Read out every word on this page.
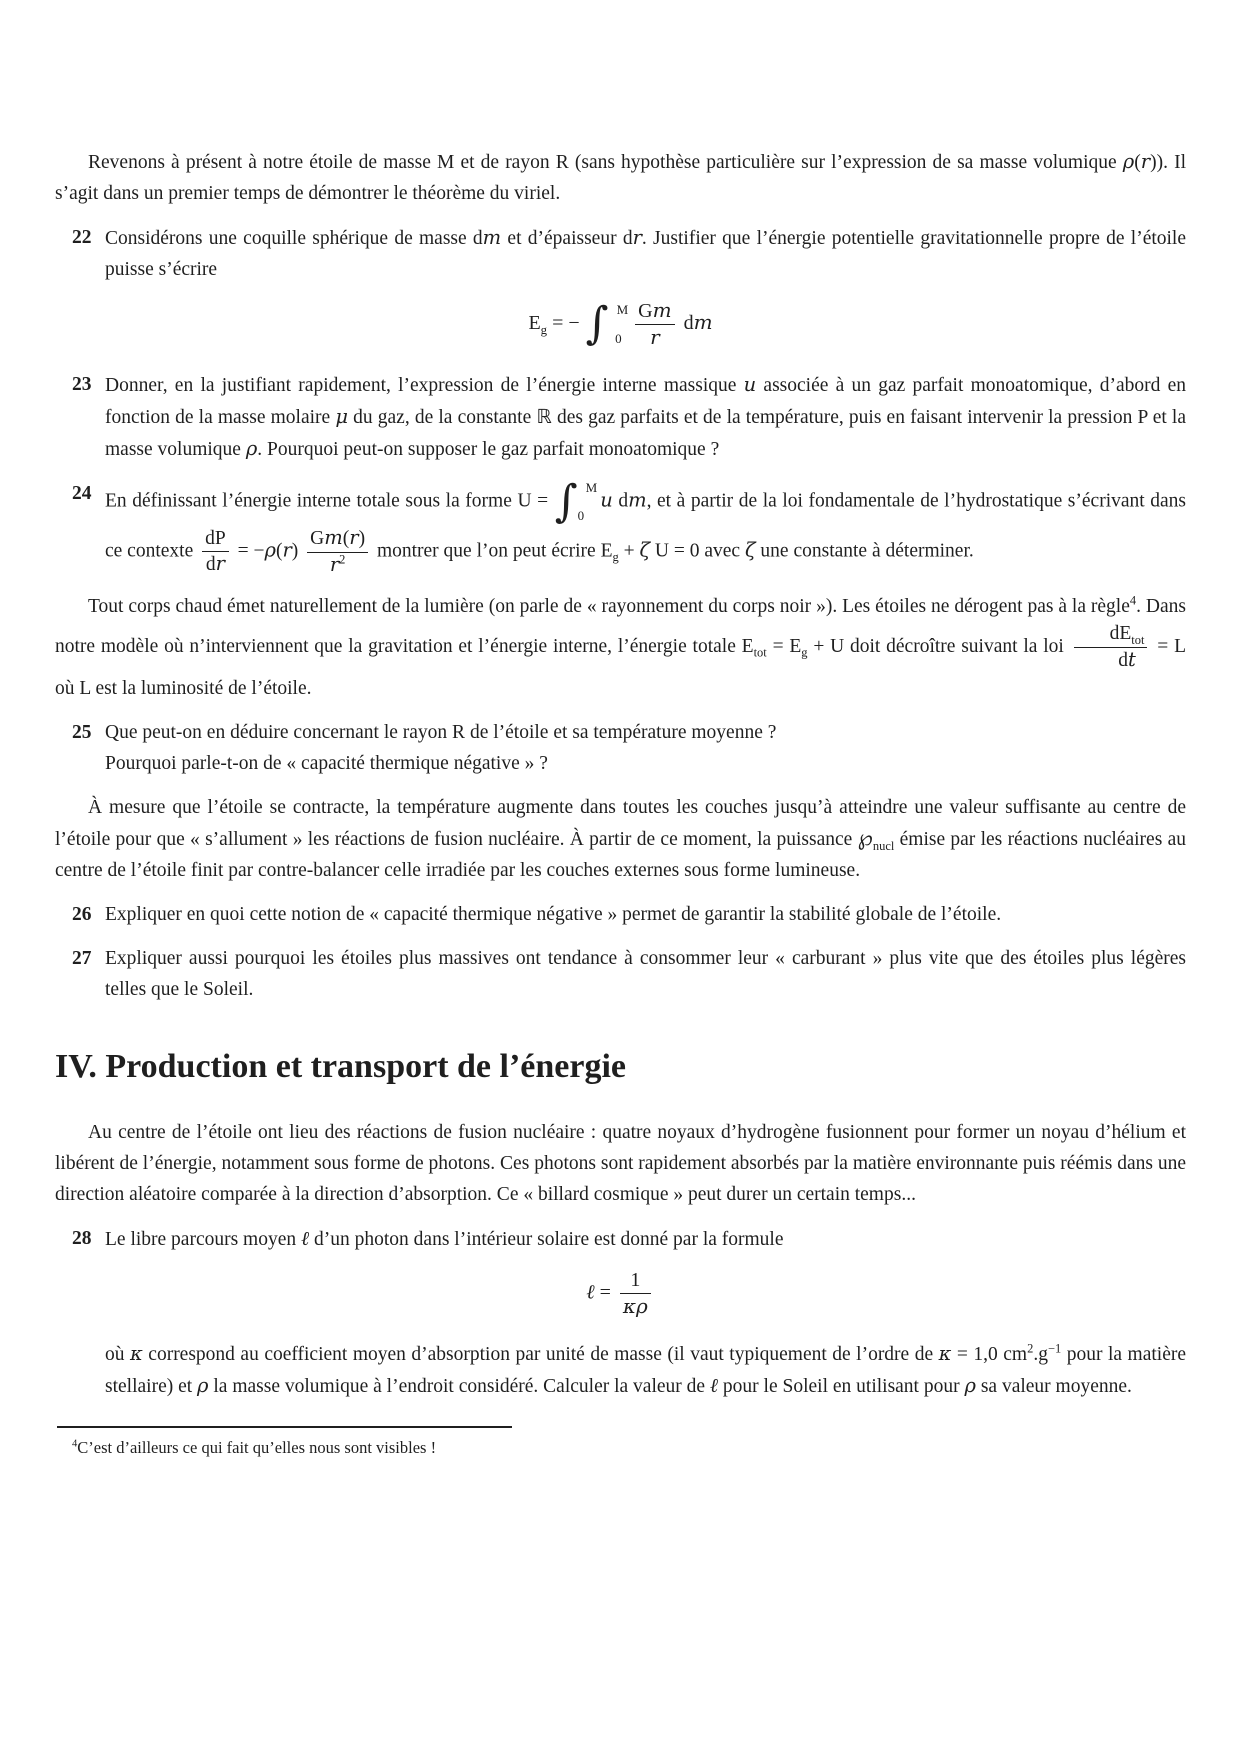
Revenons à présent à notre étoile de masse M et de rayon R (sans hypothèse particulière sur l’expression de sa masse volumique ρ(r)). Il s’agit dans un premier temps de démontrer le théorème du viriel.
22 Considérons une coquille sphérique de masse dm et d’épaisseur dr. Justifier que l’énergie potentielle gravitationnelle propre de l’étoile puisse s’écrire
$E_g$ = − ∫ M
$0 \frac{Gm}{r}$ dm
23 Donner, en la justifiant rapidement, l’expression de l’énergie interne massique u associée à un gaz parfait monoatomique, d’abord en fonction de la masse molaire μ du gaz, de la constante ℝ des gaz parfaits et de la température, puis en faisant intervenir la pression P et la masse volumique ρ. Pourquoi peut-on supposer le gaz parfait monoatomique ?
24 En définissant l’énergie interne totale sous la forme U = ∫ M
0
u dm, et à partir de la loi fondamentale de l’hydrostatique s’écrivant dans ce contexte $\frac{dP}{dr} = -\rho(r) \frac{Gm(r)}{r^2}$ montrer que l’on peut écrire $E_g + \zeta$ U = 0 avec ζ une constante à déterminer.
Tout corps chaud émet naturellement de la lumière (on parle de « rayonnement du corps noir »). Les étoiles ne dérogent pas à la règle$^4$. Dans notre modèle où n’interviennent que la gravitation et l’énergie interne, l’énergie totale $E_{tot} = E_g + U$ doit décroître suivant la loi $\frac{dE_{tot}}{dt} = L$ où L est la luminosité de l’étoile.
25 Que peut-on en déduire concernant le rayon R de l’étoile et sa température moyenne ?
Pourquoi parle-t-on de « capacité thermique négative » ?
À mesure que l’étoile se contracte, la température augmente dans toutes les couches jusqu’à atteindre une valeur suffisante au centre de l’étoile pour que « s’allument » les réactions de fusion nucléaire. À partir de ce moment, la puissance $℘_{nucl}$ émise par les réactions nucléaires au centre de l’étoile finit par contre-balancer celle irradiée par les couches externes sous forme lumineuse.
26 Expliquer en quoi cette notion de « capacité thermique négative » permet de garantir la stabilité globale de l’étoile.
27 Expliquer aussi pourquoi les étoiles plus massives ont tendance à consommer leur « carburant » plus vite que des étoiles plus légères telles que le Soleil.
IV. Production et transport de l’énergie
Au centre de l’étoile ont lieu des réactions de fusion nucléaire : quatre noyaux d’hydrogène fusionnent pour former un noyau d’hélium et libérent de l’énergie, notamment sous forme de photons. Ces photons sont rapidement absorbés par la matière environnante puis réémis dans une direction aléatoire comparée à la direction d’absorption. Ce « billard cosmique » peut durer un certain temps...
28 Le libre parcours moyen ℓ d’un photon dans l’intérieur solaire est donné par la formule
ℓ = $\frac{1}{\kappa\rho}$
où κ correspond au coefficient moyen d’absorption par unité de masse (il vaut typiquement de l’ordre de κ = 1,0 $cm^2.g^{-1}$ pour la matière stellaire) et ρ la masse volumique à l’endroit considéré. Calculer la valeur de ℓ pour le Soleil en utilisant pour ρ sa valeur moyenne.
$^4$C’est d’ailleurs ce qui fait qu’elles nous sont visibles !
